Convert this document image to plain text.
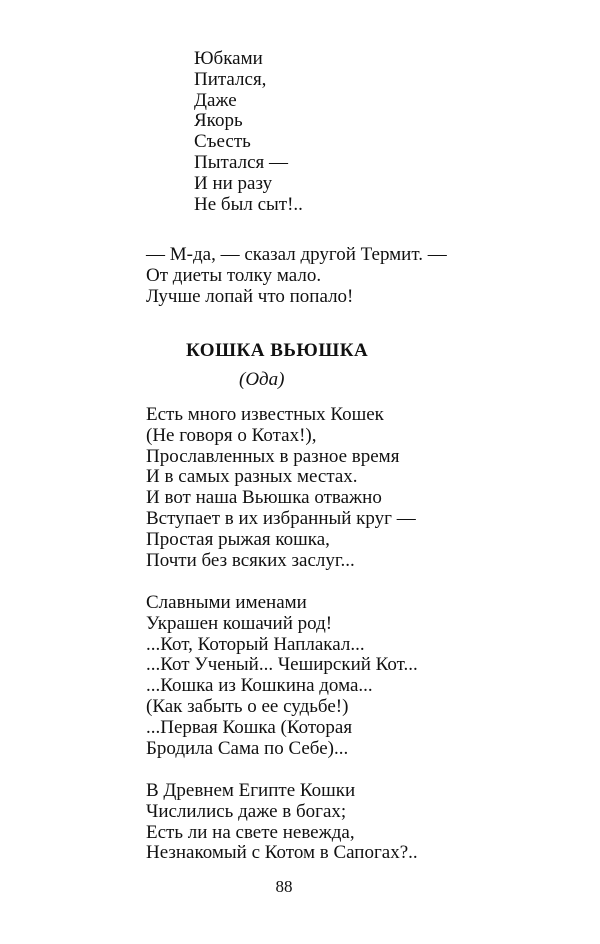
Юбками
Питался,
Даже
Якорь
Съесть
Пытался —
И ни разу
Не был сыт!..
— М-да, — сказал другой Термит. —
От диеты толку мало.
Лучше лопай что попало!
КОШКА ВЬЮШКА

(Ода)

Есть много известных Кошек
(Не говоря о Котах!),
Прославленных в разное время
И в самых разных местах.
И вот наша Вьюшка отважно
Вступает в их избранный круг —
Простая рыжая кошка,
Почти без всяких заслуг...
Славными именами
Украшен кошачий род!
...Кот, Который Наплакал...
...Кот Ученый... Чеширский Кот...
...Кошка из Кошкина дома...
(Как забыть о ее судьбе!)
...Первая Кошка (Которая
Бродила Сама по Себе)...
В Древнем Египте Кошки
Числились даже в богах;
Есть ли на свете невежда,
Незнакомый с Котом в Сапогах?..

88
